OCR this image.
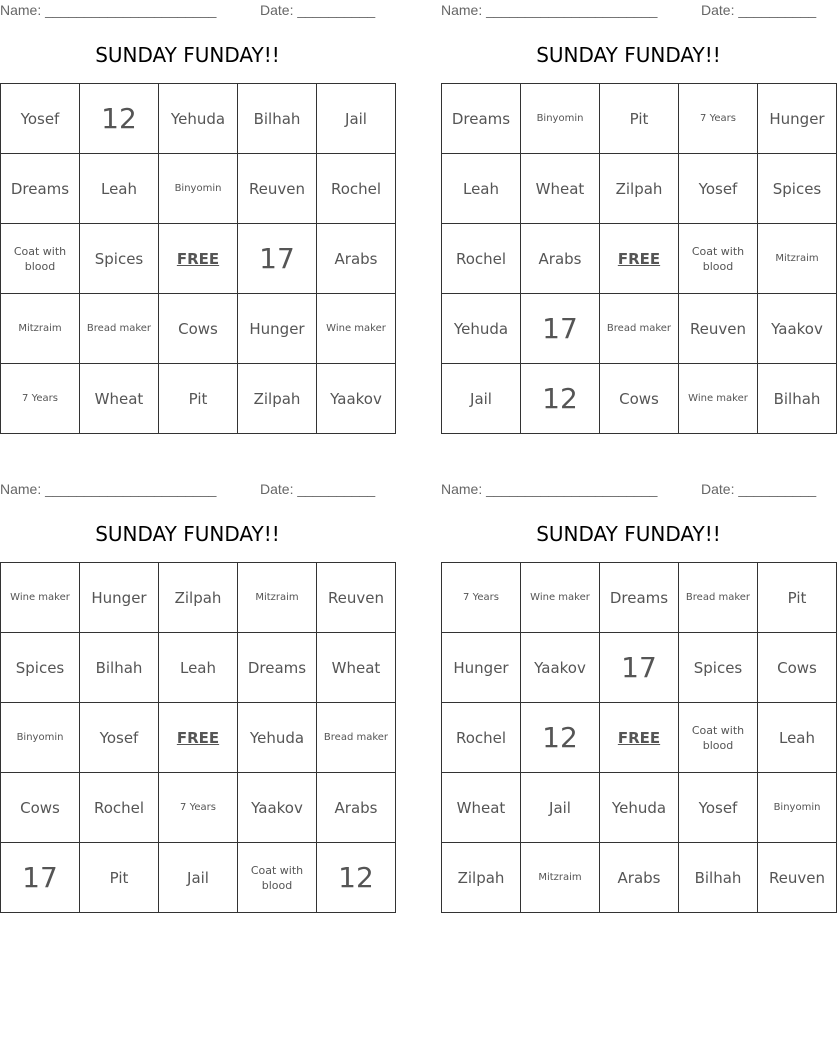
Name: ______________________	Date: __________
SUNDAY FUNDAY!!
Yosef	12	Yehuda	Bilhah	Jail
Dreams	Leah	Binyomin	Reuven	Rochel
Coat with blood	Spices	FREE	17	Arabs
Mitzraim	Bread maker	Cows	Hunger	Wine maker
7 Years	Wheat	Pit	Zilpah	Yaakov
Name: ______________________	Date: __________
SUNDAY FUNDAY!!
Dreams	Binyomin	Pit	7 Years	Hunger
Leah	Wheat	Zilpah	Yosef	Spices
Rochel	Arabs	FREE	Coat with blood	Mitzraim
Yehuda	17	Bread maker	Reuven	Yaakov
Jail	12	Cows	Wine maker	Bilhah
Name: ______________________	Date: __________
SUNDAY FUNDAY!!
Wine maker	Hunger	Zilpah	Mitzraim	Reuven
Spices	Bilhah	Leah	Dreams	Wheat
Binyomin	Yosef	FREE	Yehuda	Bread maker
Cows	Rochel	7 Years	Yaakov	Arabs
17	Pit	Jail	Coat with blood	12
Name: ______________________	Date: __________
SUNDAY FUNDAY!!
7 Years	Wine maker	Dreams	Bread maker	Pit
Hunger	Yaakov	17	Spices	Cows
Rochel	12	FREE	Coat with blood	Leah
Wheat	Jail	Yehuda	Yosef	Binyomin
Zilpah	Mitzraim	Arabs	Bilhah	Reuven
